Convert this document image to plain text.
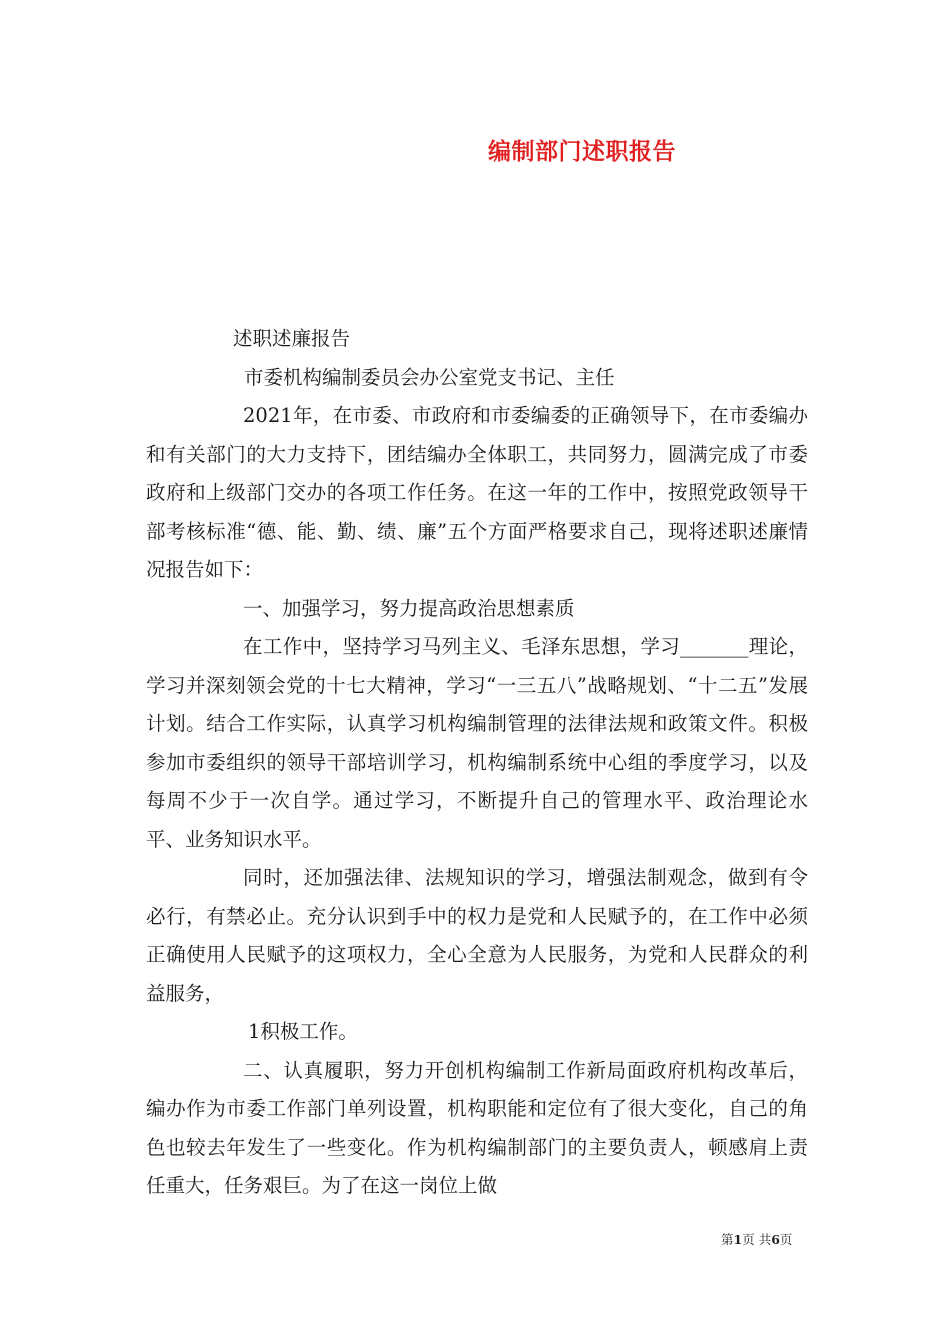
编制部门述职报告

述职述廉报告

市委机构编制委员会办公室党支书记、主任

2021年，在市委、市政府和市委编委的正确领导下，在市委编办和有关部门的大力支持下，团结编办全体职工，共同努力，圆满完成了市委政府和上级部门交办的各项工作任务。在这一年的工作中，按照党政领导干部考核标准“德、能、勤、绩、廉”五个方面严格要求自己，现将述职述廉情况报告如下：

一、加强学习，努力提高政治思想素质

在工作中，坚持学习马列主义、毛泽东思想，学习_______理论，学习并深刻领会党的十七大精神，学习“一三五八”战略规划、“十二五”发展计划。结合工作实际，认真学习机构编制管理的法律法规和政策文件。积极参加市委组织的领导干部培训学习，机构编制系统中心组的季度学习，以及每周不少于一次自学。通过学习，不断提升自己的管理水平、政治理论水平、业务知识水平。

同时，还加强法律、法规知识的学习，增强法制观念，做到有令必行，有禁必止。充分认识到手中的权力是党和人民赋予的，在工作中必须正确使用人民赋予的这项权力，全心全意为人民服务，为党和人民群众的利益服务，

1积极工作。

二、认真履职，努力开创机构编制工作新局面政府机构改革后，编办作为市委工作部门单列设置，机构职能和定位有了很大变化，自己的角色也较去年发生了一些变化。作为机构编制部门的主要负责人，顿感肩上责任重大，任务艰巨。为了在这一岗位上做

第1页 共6页
